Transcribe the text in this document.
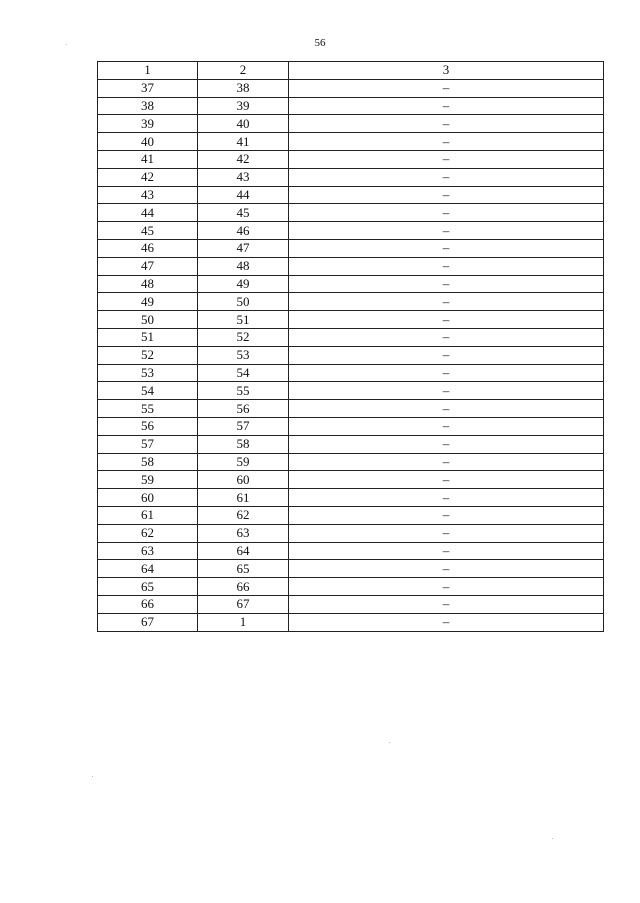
56
1	2	3
37	38	–
38	39	–
39	40	–
40	41	–
41	42	–
42	43	–
43	44	–
44	45	–
45	46	–
46	47	–
47	48	–
48	49	–
49	50	–
50	51	–
51	52	–
52	53	–
53	54	–
54	55	–
55	56	–
56	57	–
57	58	–
58	59	–
59	60	–
60	61	–
61	62	–
62	63	–
63	64	–
64	65	–
65	66	–
66	67	–
67	1	–
